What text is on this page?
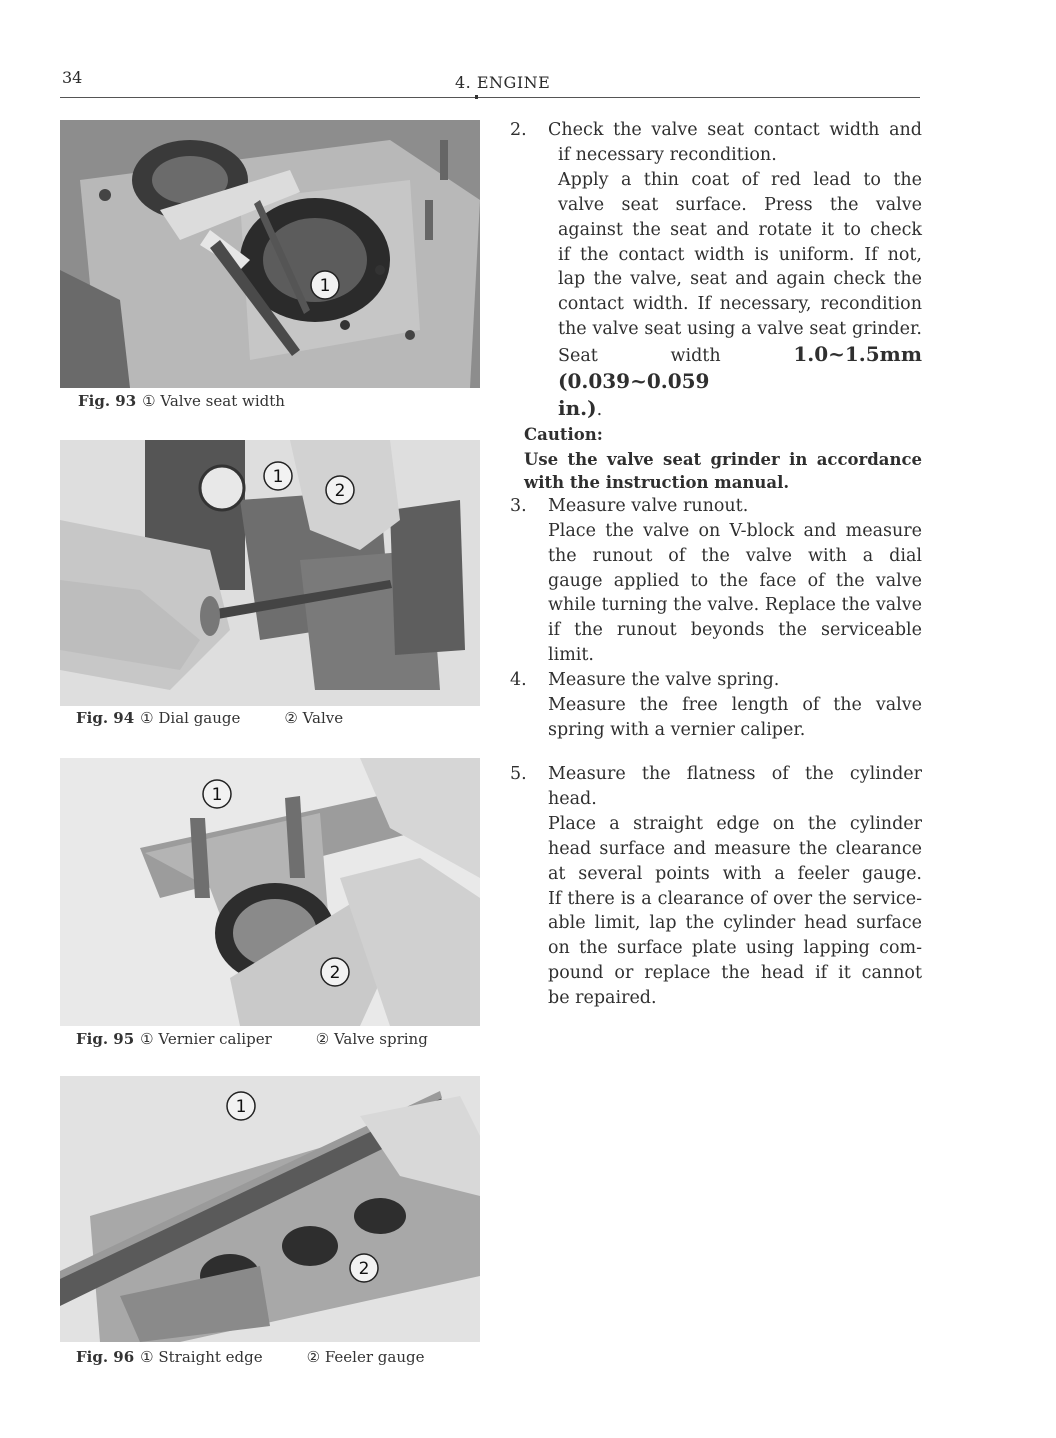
34	4. ENGINE
1
Fig. 93 ① Valve seat width
1
2
Fig. 94 ① Dial gauge	② Valve
1
2
Fig. 95 ① Vernier caliper	② Valve spring
1
2
Fig. 96 ① Straight edge	② Feeler gauge
2. Check the valve seat contact width and
if necessary recondition.
Apply a thin coat of red lead to the
valve seat surface. Press the valve
against the seat and rotate it to check
if the contact width is uniform. If not,
lap the valve, seat and again check the
contact width. If necessary, recondition
the valve seat using a valve seat grinder.
Seat width	1.0~1.5mm (0.039~0.059
in.).
Caution:
Use the valve seat grinder in accordance
with the instruction manual.
3. Measure valve runout.
Place the valve on V-block and measure
the runout of the valve with a dial
gauge applied to the face of the valve
while turning the valve. Replace the valve
if the runout beyonds the serviceable
limit.
4. Measure the valve spring.
Measure the free length of the valve
spring with a vernier caliper.
5. Measure the flatness of the cylinder head.
Place a straight edge on the cylinder
head surface and measure the clearance
at several points with a feeler gauge.
If there is a clearance of over the service-
able limit, lap the cylinder head surface
on the surface plate using lapping com-
pound or replace the head if it cannot
be repaired.
